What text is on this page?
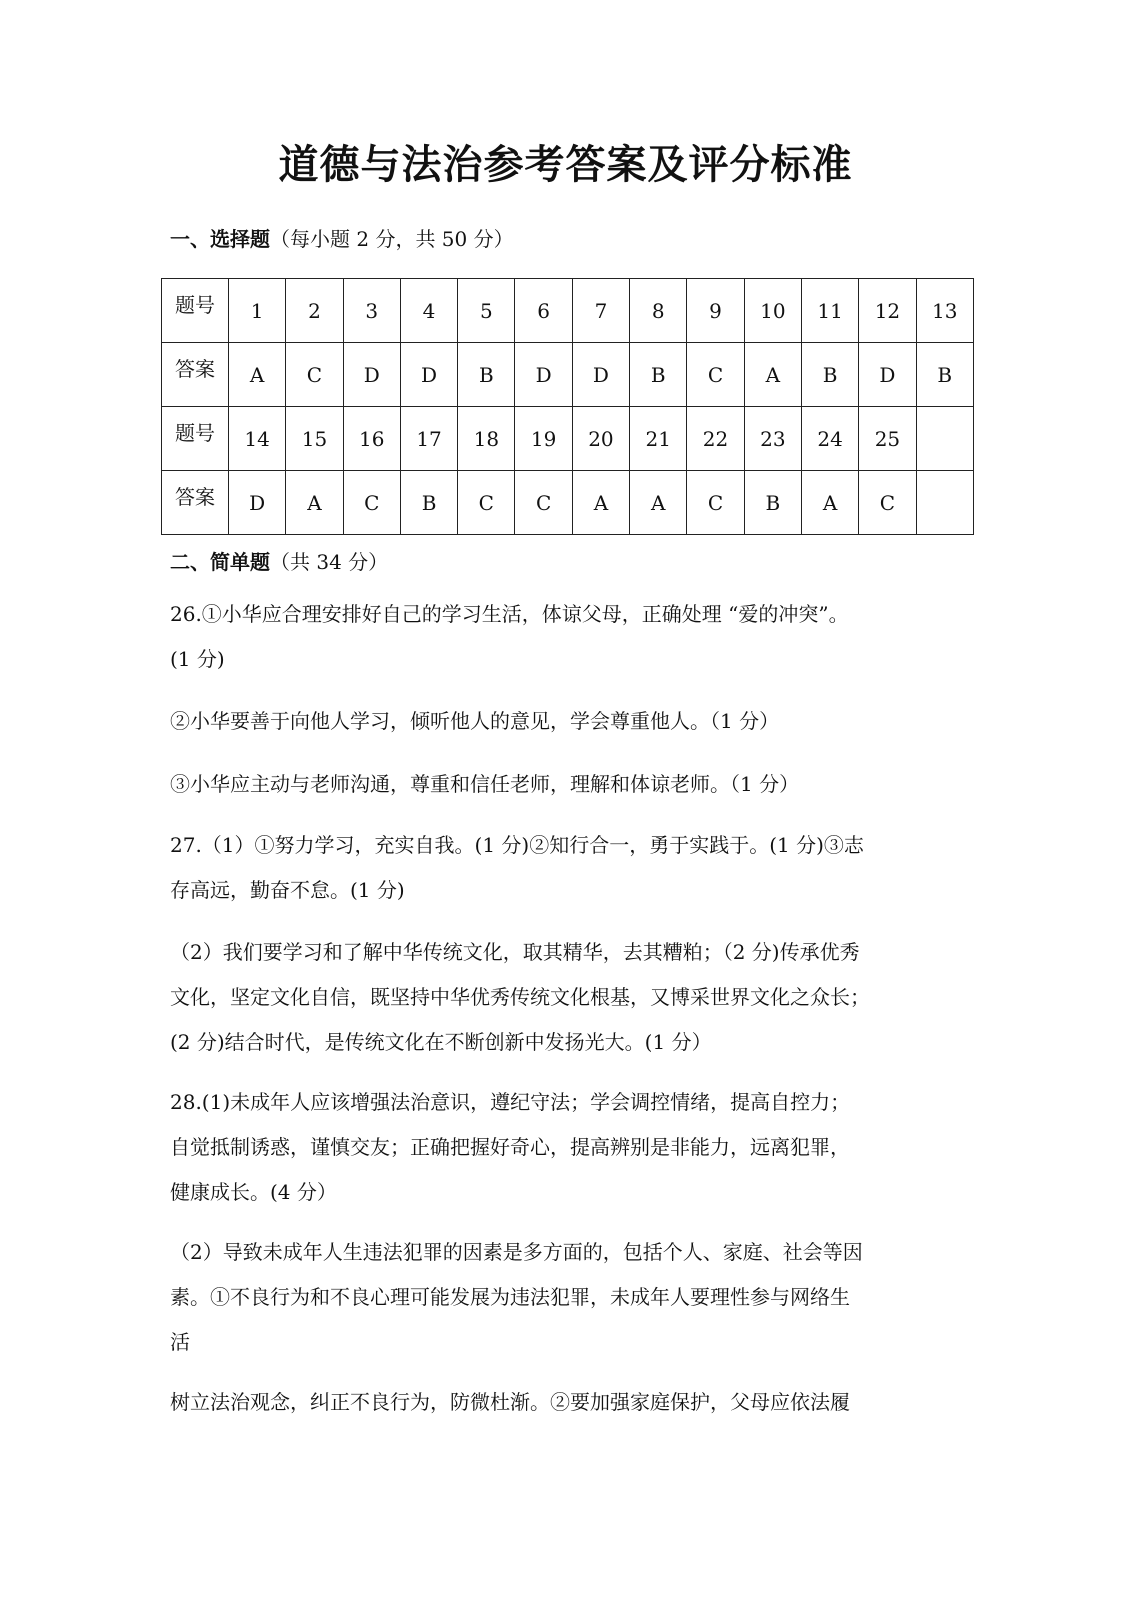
道德与法治参考答案及评分标准
一、选择题（每小题 2 分，共 50 分）
题号	1	2	3	4	5	6	7	8	9	10	11	12	13
答案	A	C	D	D	B	D	D	B	C	A	B	D	B
题号	14	15	16	17	18	19	20	21	22	23	24	25	
答案	D	A	C	B	C	C	A	A	C	B	A	C	
二、简单题（共 34 分）
26.①小华应合理安排好自己的学习生活，体谅父母，正确处理 “爱的冲突”。
(1 分)
②小华要善于向他人学习，倾听他人的意见，学会尊重他人。（1 分）
③小华应主动与老师沟通，尊重和信任老师，理解和体谅老师。（1 分）
27.（1）①努力学习，充实自我。(1 分)②知行合一，勇于实践于。(1 分)③志
存高远，勤奋不怠。(1 分)
（2）我们要学习和了解中华传统文化，取其精华，去其糟粕；（2 分)传承优秀
文化，坚定文化自信，既坚持中华优秀传统文化根基，又博采世界文化之众长；
(2 分)结合时代，是传统文化在不断创新中发扬光大。(1 分）
28.(1)未成年人应该增强法治意识，遵纪守法；学会调控情绪，提高自控力；
自觉抵制诱惑，谨慎交友；正确把握好奇心，提高辨别是非能力，远离犯罪，
健康成长。(4 分）
（2）导致未成年人生违法犯罪的因素是多方面的，包括个人、家庭、社会等因
素。①不良行为和不良心理可能发展为违法犯罪，未成年人要理性参与网络生
活
树立法治观念，纠正不良行为，防微杜渐。②要加强家庭保护，父母应依法履
